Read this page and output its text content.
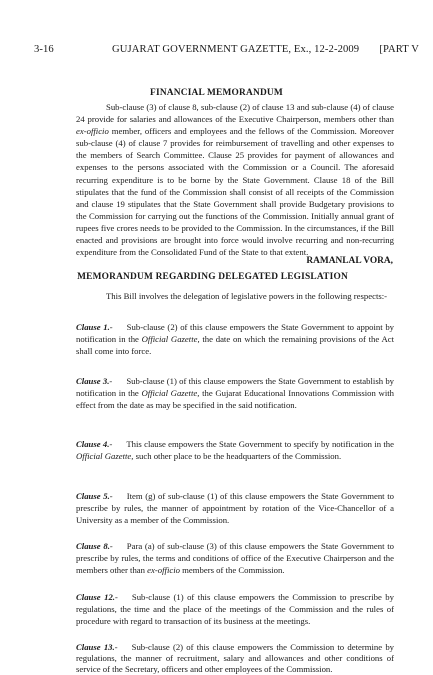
3-16	GUJARAT GOVERNMENT GAZETTE, Ex., 12-2-2009 [PART V
FINANCIAL MEMORANDUM
Sub-clause (3) of clause 8, sub-clause (2) of clause 13 and sub-clause (4) of clause 24 provide for salaries and allowances of the Executive Chairperson, members other than ex-officio member, officers and employees and the fellows of the Commission. Moreover sub-clause (4) of clause 7 provides for reimbursement of travelling and other expenses to the members of Search Committee. Clause 25 provides for payment of allowances and expenses to the persons associated with the Commission or a Council. The aforesaid recurring expenditure is to be borne by the State Government. Clause 18 of the Bill stipulates that the fund of the Commission shall consist of all receipts of the Commission and clause 19 stipulates that the State Government shall provide Budgetary provisions to the Commission for carrying out the functions of the Commission. Initially annual grant of rupees five crores needs to be provided to the Commission. In the circumstances, if the Bill enacted and provisions are brought into force would involve recurring and non-recurring expenditure from the Consolidated Fund of the State to that extent.
RAMANLAL VORA,
MEMORANDUM REGARDING DELEGATED LEGISLATION
This Bill involves the delegation of legislative powers in the following respects:-
Clause 1.- Sub-clause (2) of this clause empowers the State Government to appoint by notification in the Official Gazette, the date on which the remaining provisions of the Act shall come into force.
Clause 3.- Sub-clause (1) of this clause empowers the State Government to establish by notification in the Official Gazette, the Gujarat Educational Innovations Commission with effect from the date as may be specified in the said notification.
Clause 4.- This clause empowers the State Government to specify by notification in the Official Gazette, such other place to be the headquarters of the Commission.
Clause 5.- Item (g) of sub-clause (1) of this clause empowers the State Government to prescribe by rules, the manner of appointment by rotation of the Vice-Chancellor of a University as a member of the Commission.
Clause 8.- Para (a) of sub-clause (3) of this clause empowers the State Government to prescribe by rules, the terms and conditions of office of the Executive Chairperson and the members other than ex-officio members of the Commission.
Clause 12.- Sub-clause (1) of this clause empowers the Commission to prescribe by regulations, the time and the place of the meetings of the Commission and the rules of procedure with regard to transaction of its business at the meetings.
Clause 13.- Sub-clause (2) of this clause empowers the Commission to determine by regulations, the manner of recruitment, salary and allowances and other conditions of service of the Secretary, officers and other employees of the Commission.
